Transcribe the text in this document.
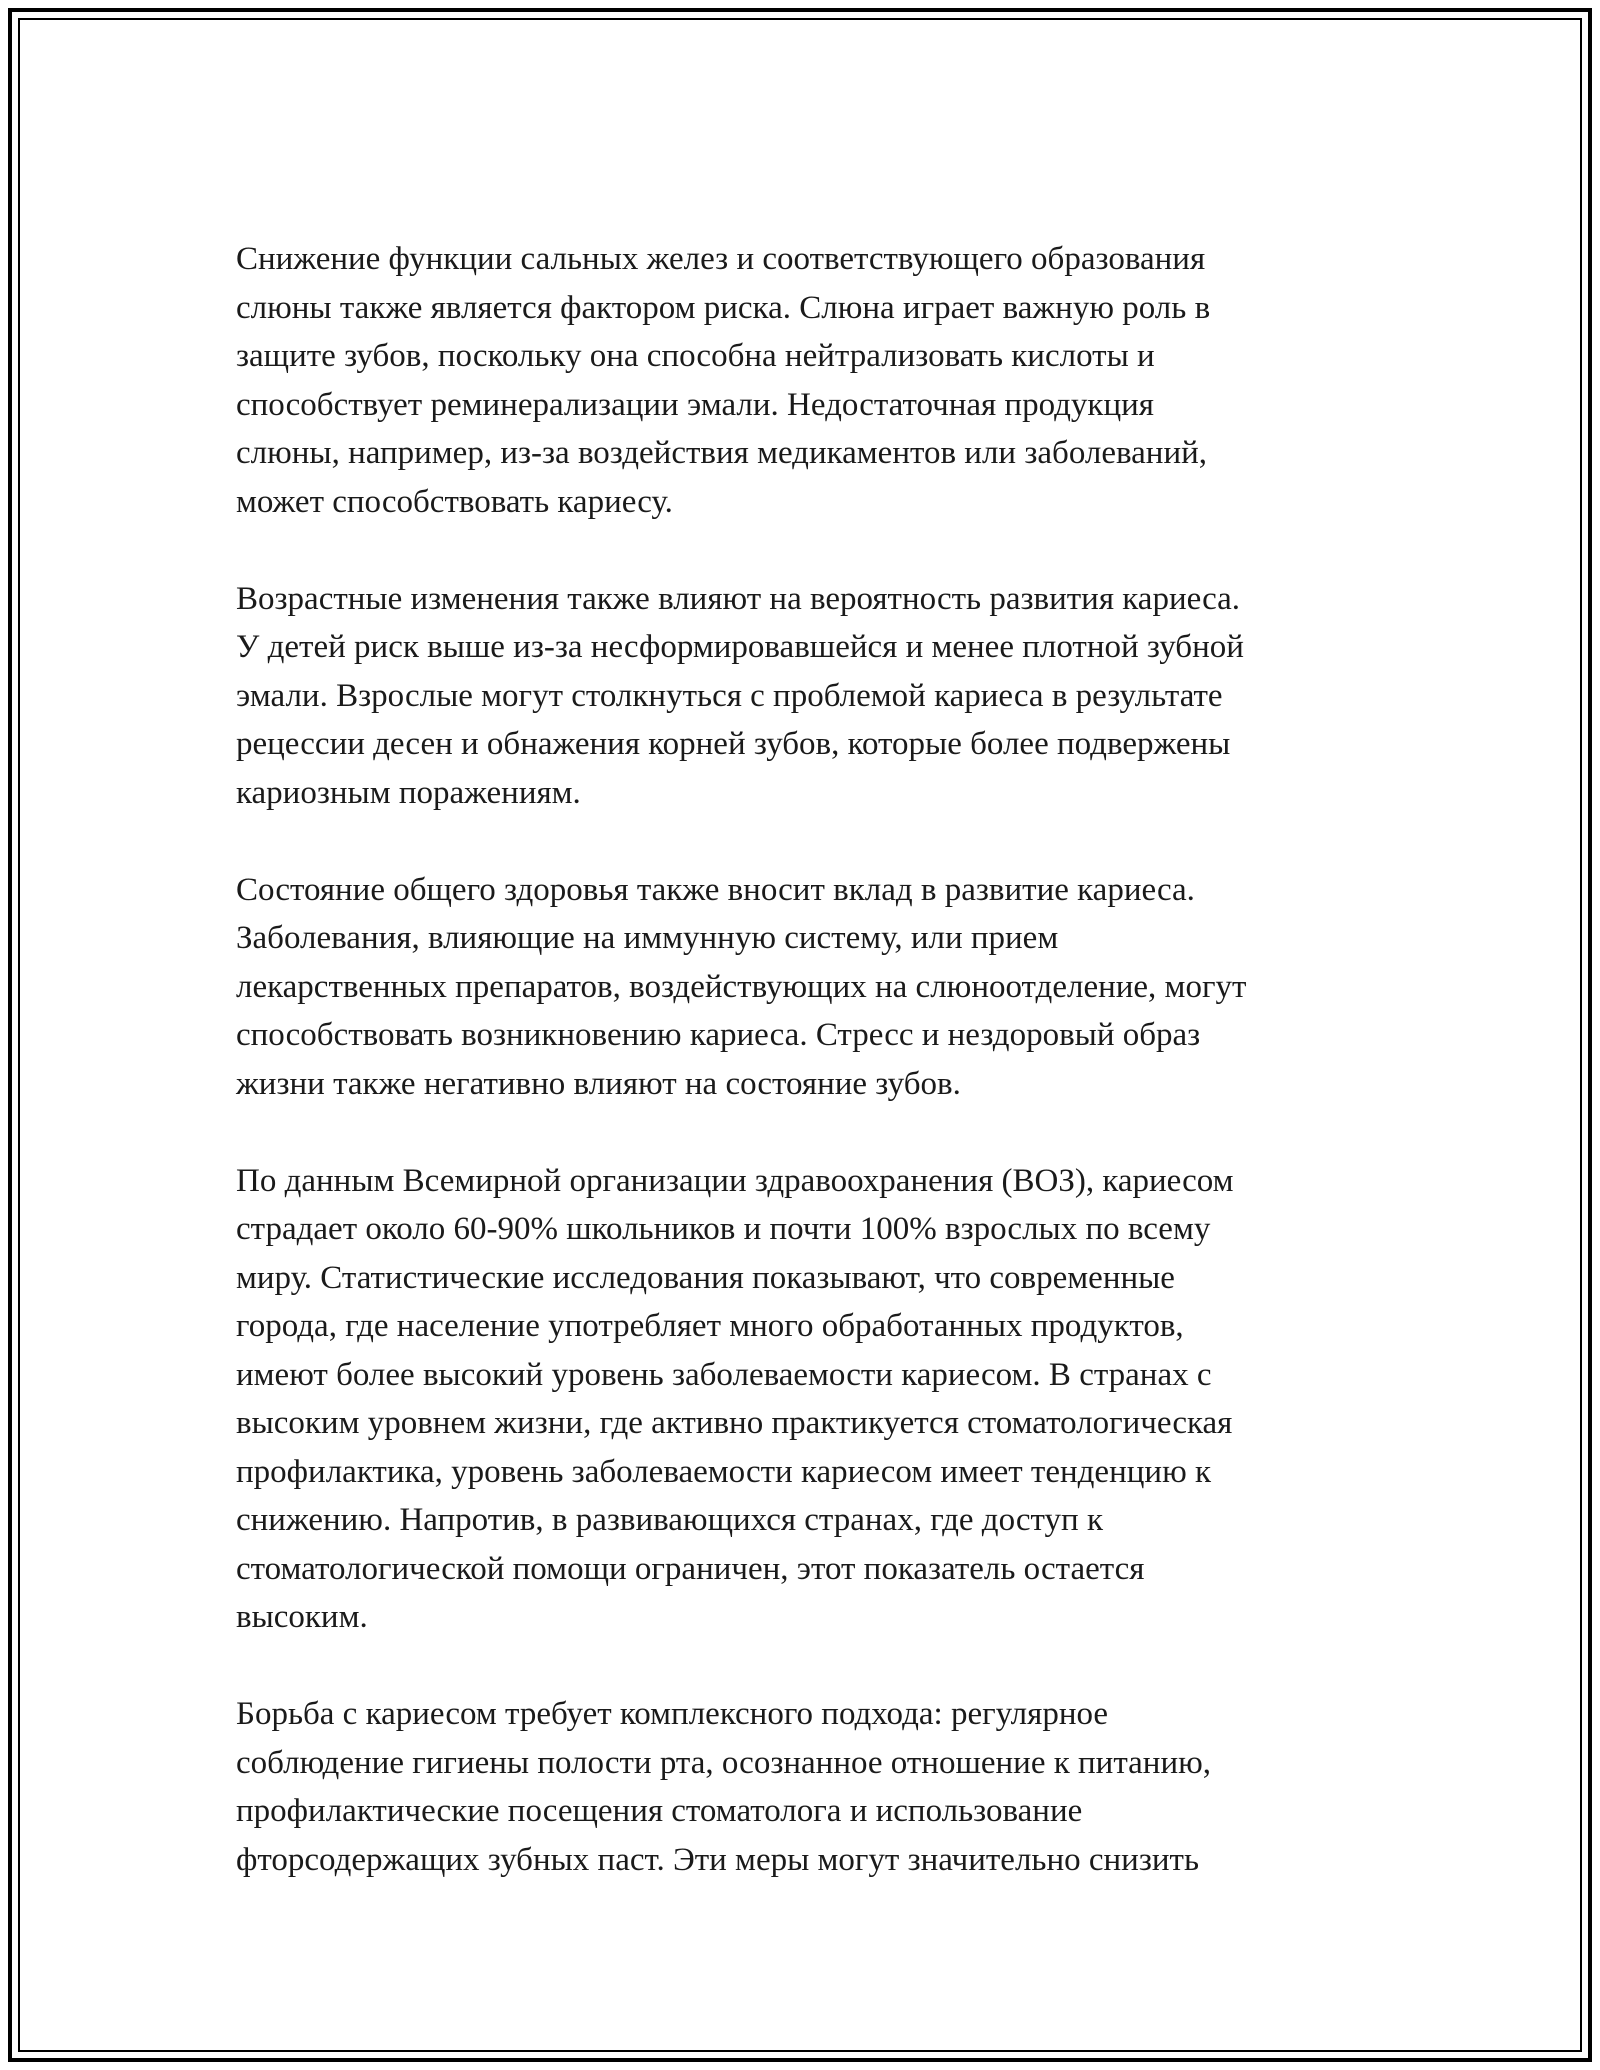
Снижение функции сальных желез и соответствующего образования
слюны также является фактором риска. Слюна играет важную роль в
защите зубов, поскольку она способна нейтрализовать кислоты и
способствует реминерализации эмали. Недостаточная продукция
слюны, например, из-за воздействия медикаментов или заболеваний,
может способствовать кариесу.

Возрастные изменения также влияют на вероятность развития кариеса.
У детей риск выше из-за несформировавшейся и менее плотной зубной
эмали. Взрослые могут столкнуться с проблемой кариеса в результате
рецессии десен и обнажения корней зубов, которые более подвержены
кариозным поражениям.

Состояние общего здоровья также вносит вклад в развитие кариеса.
Заболевания, влияющие на иммунную систему, или прием
лекарственных препаратов, воздействующих на слюноотделение, могут
способствовать возникновению кариеса. Стресс и нездоровый образ
жизни также негативно влияют на состояние зубов.

По данным Всемирной организации здравоохранения (ВОЗ), кариесом
страдает около 60-90% школьников и почти 100% взрослых по всему
миру. Статистические исследования показывают, что современные
города, где население употребляет много обработанных продуктов,
имеют более высокий уровень заболеваемости кариесом. В странах с
высоким уровнем жизни, где активно практикуется стоматологическая
профилактика, уровень заболеваемости кариесом имеет тенденцию к
снижению. Напротив, в развивающихся странах, где доступ к
стоматологической помощи ограничен, этот показатель остается
высоким.

Борьба с кариесом требует комплексного подхода: регулярное
соблюдение гигиены полости рта, осознанное отношение к питанию,
профилактические посещения стоматолога и использование
фторсодержащих зубных паст. Эти меры могут значительно снизить
